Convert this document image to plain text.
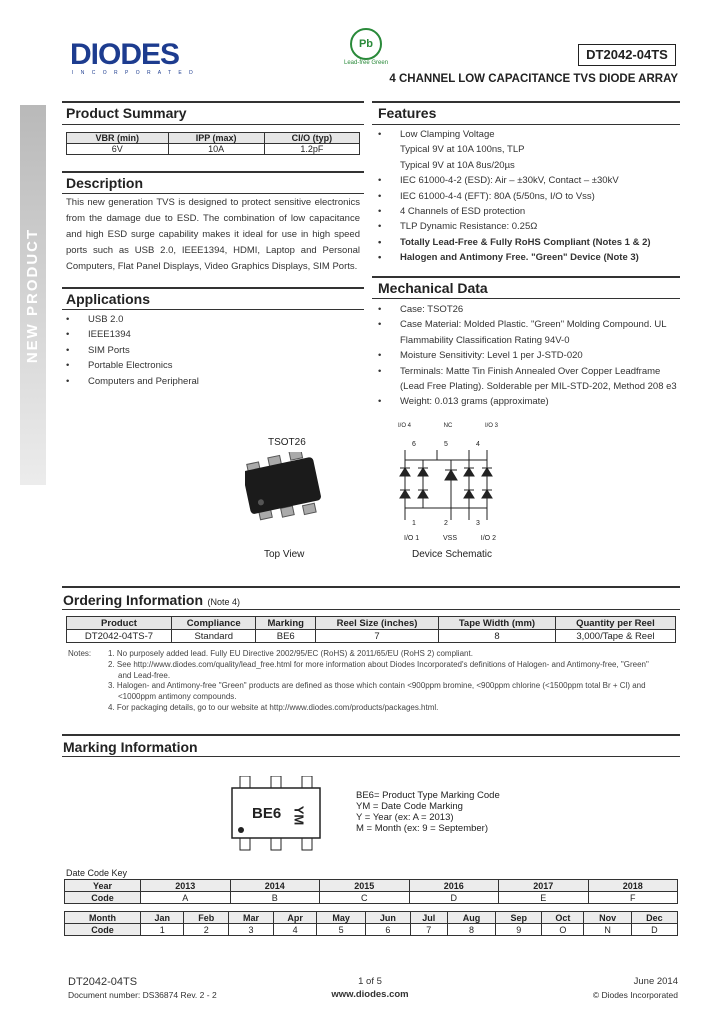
NEW PRODUCT
DIODES
I N C O R P O R A T E D
Pb
Lead-free Green
DT2042-04TS
4 CHANNEL LOW CAPACITANCE TVS DIODE ARRAY
Product Summary
VBR (min)	IPP (max)	CI/O (typ)
6V	10A	1.2pF
Description
This new generation TVS is designed to protect sensitive electronics from the damage due to ESD. The combination of low capacitance and high ESD surge capability makes it ideal for use in high speed ports such as USB 2.0, IEEE1394, HDMI, Laptop and Personal Computers, Flat Panel Displays, Video Graphics Displays, SIM Ports.
Applications
• USB 2.0
• IEEE1394
• SIM Ports
• Portable Electronics
• Computers and Peripheral
Features
• Low Clamping Voltage
Typical 9V at 10A 100ns, TLP
Typical 9V at 10A 8us/20µs
• IEC 61000-4-2 (ESD): Air – ±30kV, Contact – ±30kV
• IEC 61000-4-4 (EFT): 80A (5/50ns, I/O to Vss)
• 4 Channels of ESD protection
• TLP Dynamic Resistance: 0.25Ω
• Totally Lead-Free & Fully RoHS Compliant (Notes 1 & 2)
• Halogen and Antimony Free. "Green" Device (Note 3)
Mechanical Data
• Case: TSOT26
• Case Material: Molded Plastic. "Green" Molding Compound. UL
Flammability Classification Rating 94V-0
• Moisture Sensitivity: Level 1 per J-STD-020
• Terminals: Matte Tin Finish Annealed Over Copper Leadframe
(Lead Free Plating). Solderable per MIL-STD-202, Method 208 e3
• Weight: 0.013 grams (approximate)
TSOT26
Top View
I/O 4	NC	I/O 3
6	5	4
1	2	3
I/O 1	VSS	I/O 2
Device Schematic
Ordering Information (Note 4)
Product	Compliance	Marking	Reel Size (inches)	Tape Width (mm)	Quantity per Reel
DT2042-04TS-7	Standard	BE6	7	8	3,000/Tape & Reel
Notes: 1. No purposely added lead. Fully EU Directive 2002/95/EC (RoHS) & 2011/65/EU (RoHS 2) compliant.
2. See http://www.diodes.com/quality/lead_free.html for more information about Diodes Incorporated's definitions of Halogen- and Antimony-free, "Green"
and Lead-free.
3. Halogen- and Antimony-free "Green" products are defined as those which contain <900ppm bromine, <900ppm chlorine (<1500ppm total Br + Cl) and
<1000ppm antimony compounds.
4. For packaging details, go to our website at http://www.diodes.com/products/packages.html.
Marking Information
BE6 YM
BE6= Product Type Marking Code
YM = Date Code Marking
Y = Year (ex: A = 2013)
M = Month (ex: 9 = September)
Date Code Key
Year	2013	2014	2015	2016	2017	2018
Code	A	B	C	D	E	F
Month	Jan	Feb	Mar	Apr	May	Jun	Jul	Aug	Sep	Oct	Nov	Dec
Code	1	2	3	4	5	6	7	8	9	O	N	D
DT2042-04TS
Document number: DS36874 Rev. 2 - 2
1 of 5
www.diodes.com
June 2014
© Diodes Incorporated
